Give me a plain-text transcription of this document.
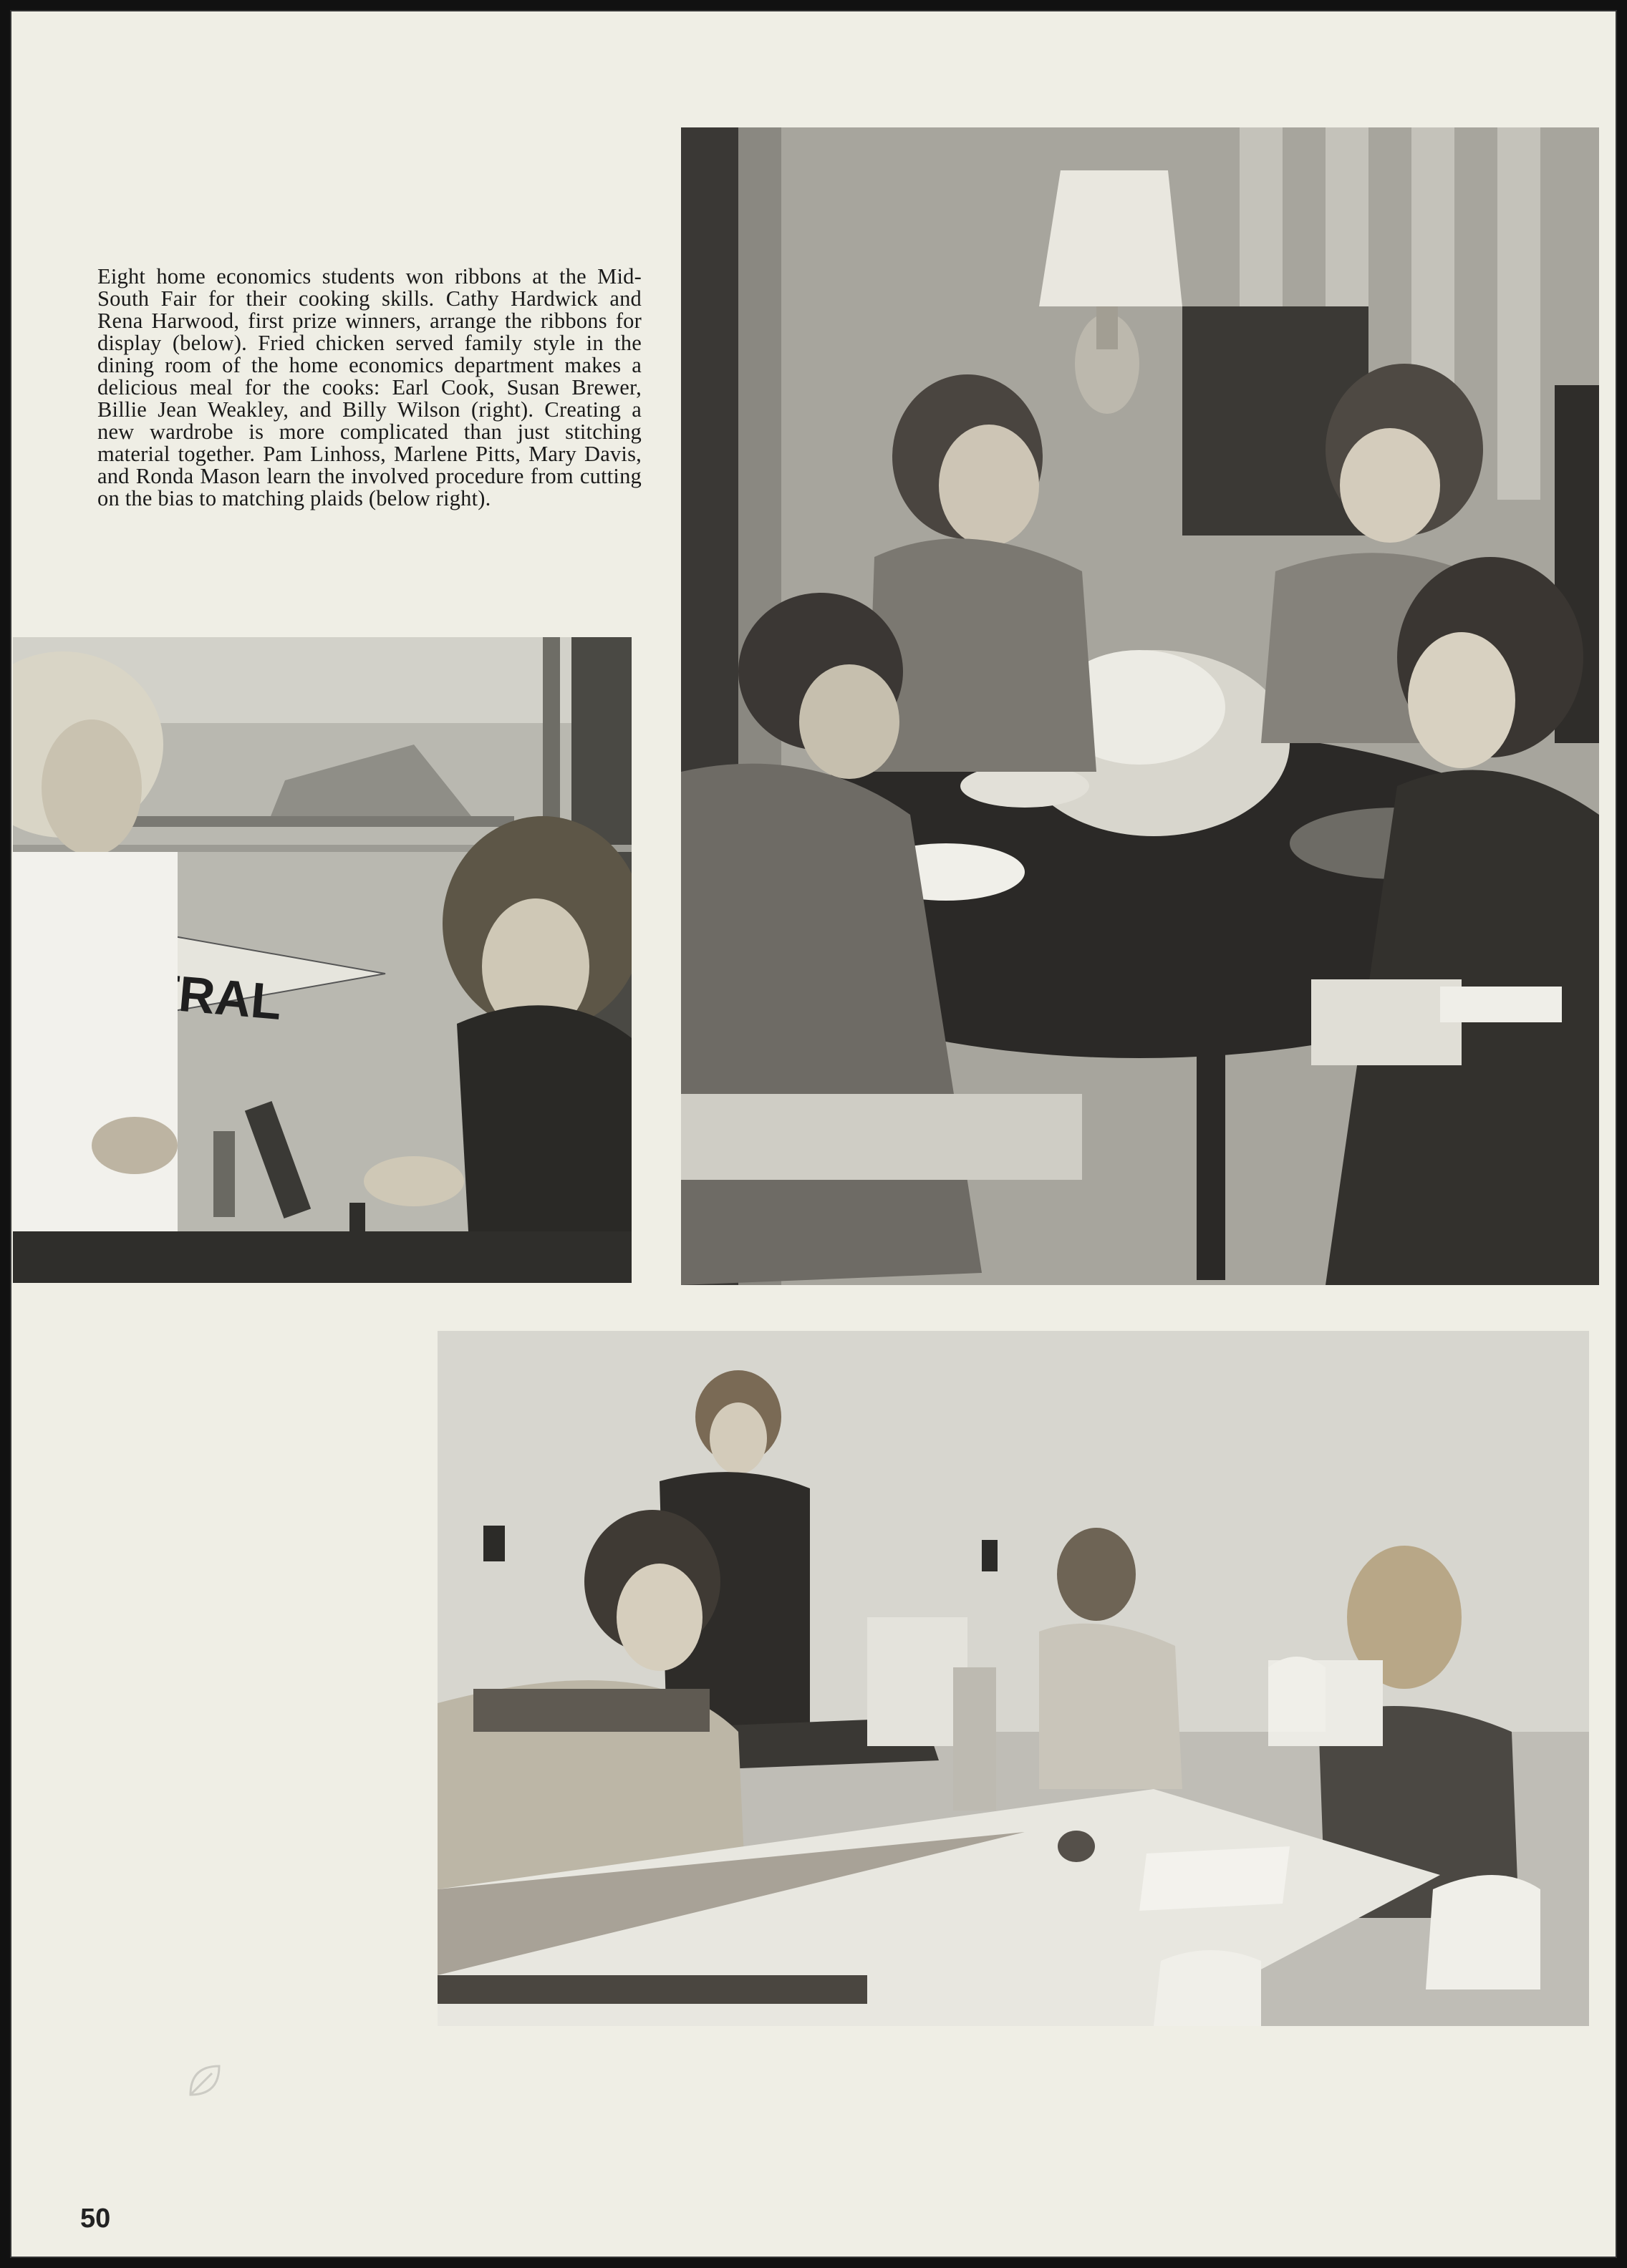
Eight home economics students won ribbons at the Mid-South Fair for their cooking skills. Cathy Hardwick and Rena Harwood, first prize winners, arrange the ribbons for display (below). Fried chicken served family style in the dining room of the home economics department makes a delicious meal for the cooks: Earl Cook, Susan Brewer, Billie Jean Weakley, and Billy Wilson (right). Creating a new wardrobe is more complicated than just stitching material together. Pam Linhoss, Marlene Pitts, Mary Davis, and Ronda Mason learn the involved procedure from cutting on the bias to matching plaids (below right).
50
